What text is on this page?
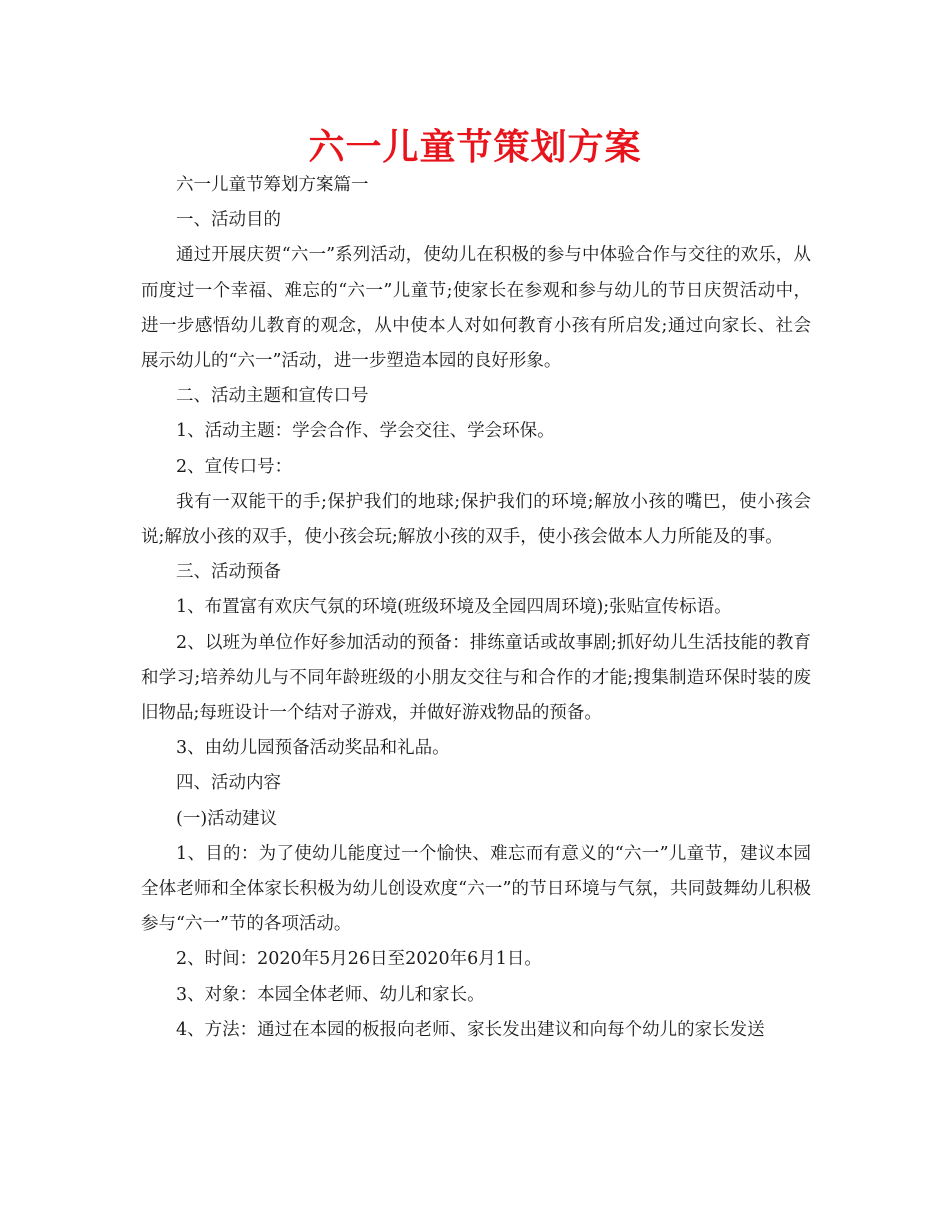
六一儿童节策划方案

六一儿童节筹划方案篇一

一、活动目的

通过开展庆贺“六一”系列活动，使幼儿在积极的参与中体验合作与交往的欢乐，从而度过一个幸福、难忘的“六一”儿童节;使家长在参观和参与幼儿的节日庆贺活动中，进一步感悟幼儿教育的观念，从中使本人对如何教育小孩有所启发;通过向家长、社会展示幼儿的“六一”活动，进一步塑造本园的良好形象。

二、活动主题和宣传口号

1、活动主题：学会合作、学会交往、学会环保。

2、宣传口号：

我有一双能干的手;保护我们的地球;保护我们的环境;解放小孩的嘴巴，使小孩会说;解放小孩的双手，使小孩会玩;解放小孩的双手，使小孩会做本人力所能及的事。

三、活动预备

1、布置富有欢庆气氛的环境(班级环境及全园四周环境);张贴宣传标语。

2、以班为单位作好参加活动的预备：排练童话或故事剧;抓好幼儿生活技能的教育和学习;培养幼儿与不同年龄班级的小朋友交往与和合作的才能;搜集制造环保时装的废旧物品;每班设计一个结对子游戏，并做好游戏物品的预备。

3、由幼儿园预备活动奖品和礼品。

四、活动内容

(一)活动建议

1、目的：为了使幼儿能度过一个愉快、难忘而有意义的“六一”儿童节，建议本园全体老师和全体家长积极为幼儿创设欢度“六一”的节日环境与气氛，共同鼓舞幼儿积极参与“六一”节的各项活动。

2、时间：2020年5月26日至2020年6月1日。

3、对象：本园全体老师、幼儿和家长。

4、方法：通过在本园的板报向老师、家长发出建议和向每个幼儿的家长发送
